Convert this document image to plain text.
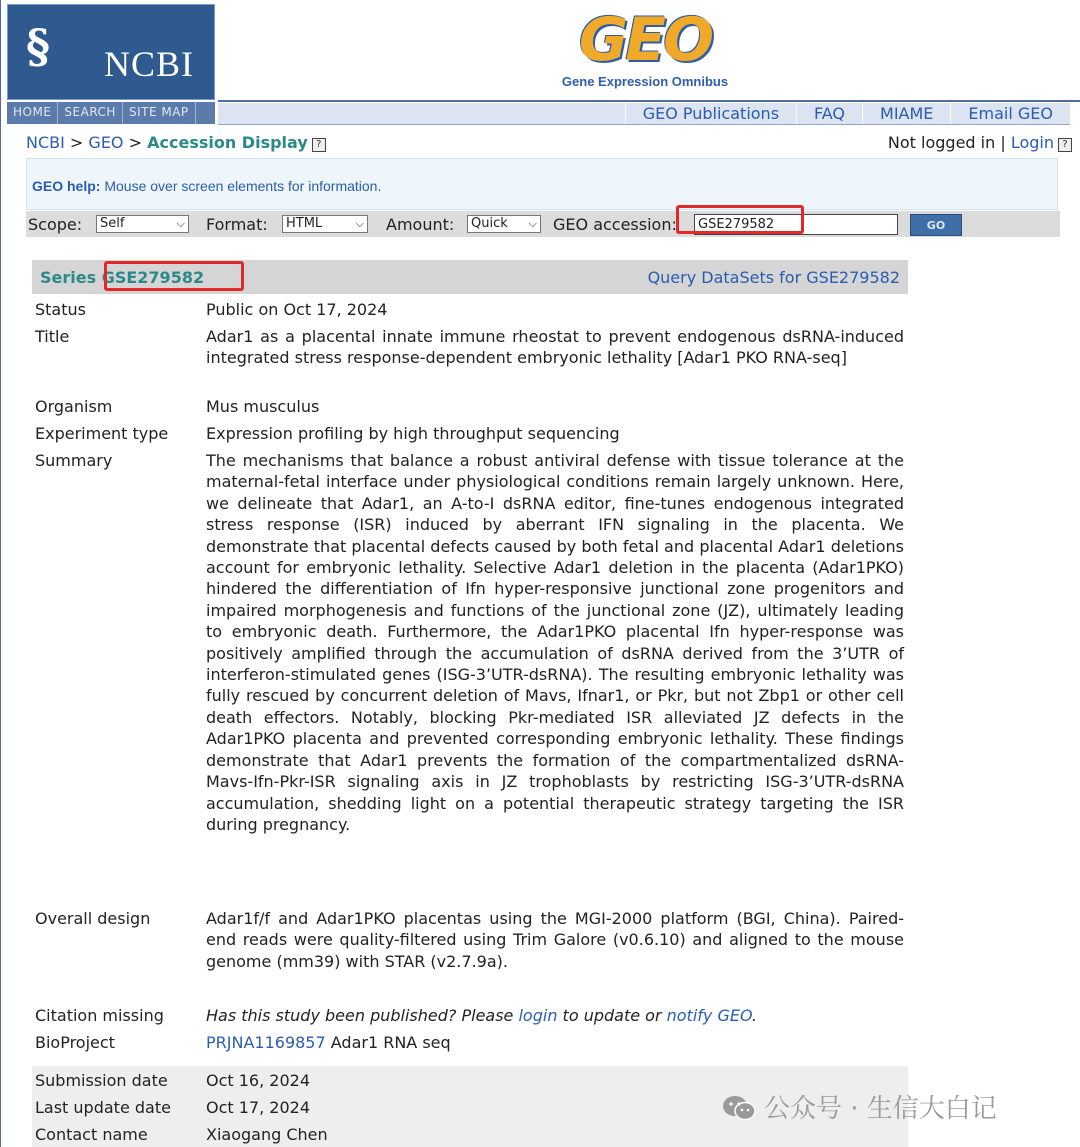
§ NCBI	GEO
Gene Expression Omnibus
HOME	SEARCH	SITE MAP	GEO Publications	FAQ	MIAME	Email GEO
NCBI > GEO > Accession Display ?	Not logged in | Login ?
GEO help: Mouse over screen elements for information.
Scope:	Self	⌵ Format:	HTML	⌵ Amount:	Quick ⌵ GEO accession:	GSE279582	GO
Series GSE279582	Query DataSets for GSE279582
Status	Public on Oct 17, 2024
Title	Adar1 as a placental innate immune rheostat to prevent endogenous dsRNA-induced integrated stress response-dependent embryonic lethality [Adar1 PKO RNA-seq]
Organism	Mus musculus
Experiment type Expression profiling by high throughput sequencing
Summary	The mechanisms that balance a robust antiviral defense with tissue tolerance at the maternal-fetal interface under physiological conditions remain largely unknown. Here, we delineate that Adar1, an A-to-I dsRNA editor, fine-tunes endogenous integrated stress response (ISR) induced by aberrant IFN signaling in the placenta. We demonstrate that placental defects caused by both fetal and placental Adar1 deletions account for embryonic lethality. Selective Adar1 deletion in the placenta (Adar1PKO) hindered the differentiation of Ifn hyper-responsive junctional zone progenitors and impaired morphogenesis and functions of the junctional zone (JZ), ultimately leading to embryonic death. Furthermore, the Adar1PKO placental Ifn hyper-response was positively amplified through the accumulation of dsRNA derived from the 3’UTR of interferon-stimulated genes (ISG-3’UTR-dsRNA). The resulting embryonic lethality was fully rescued by concurrent deletion of Mavs, Ifnar1, or Pkr, but not Zbp1 or other cell death effectors. Notably, blocking Pkr-mediated ISR alleviated JZ defects in the Adar1PKO placenta and prevented corresponding embryonic lethality. These findings demonstrate that Adar1 prevents the formation of the compartmentalized dsRNA-Mavs-Ifn-Pkr-ISR signaling axis in JZ trophoblasts by restricting ISG-3’UTR-dsRNA accumulation, shedding light on a potential therapeutic strategy targeting the ISR during pregnancy.
Overall design	Adar1f/f and Adar1PKO placentas using the MGI-2000 platform (BGI, China). Paired-end reads were quality-filtered using Trim Galore (v0.6.10) and aligned to the mouse genome (mm39) with STAR (v2.7.9a).
Citation missing	Has this study been published? Please login to update or notify GEO.
BioProject	PRJNA1169857 Adar1 RNA seq
Submission date Oct 16, 2024
Last update date Oct 17, 2024
Contact name	Xiaogang Chen
公众号 · 生信大白记
